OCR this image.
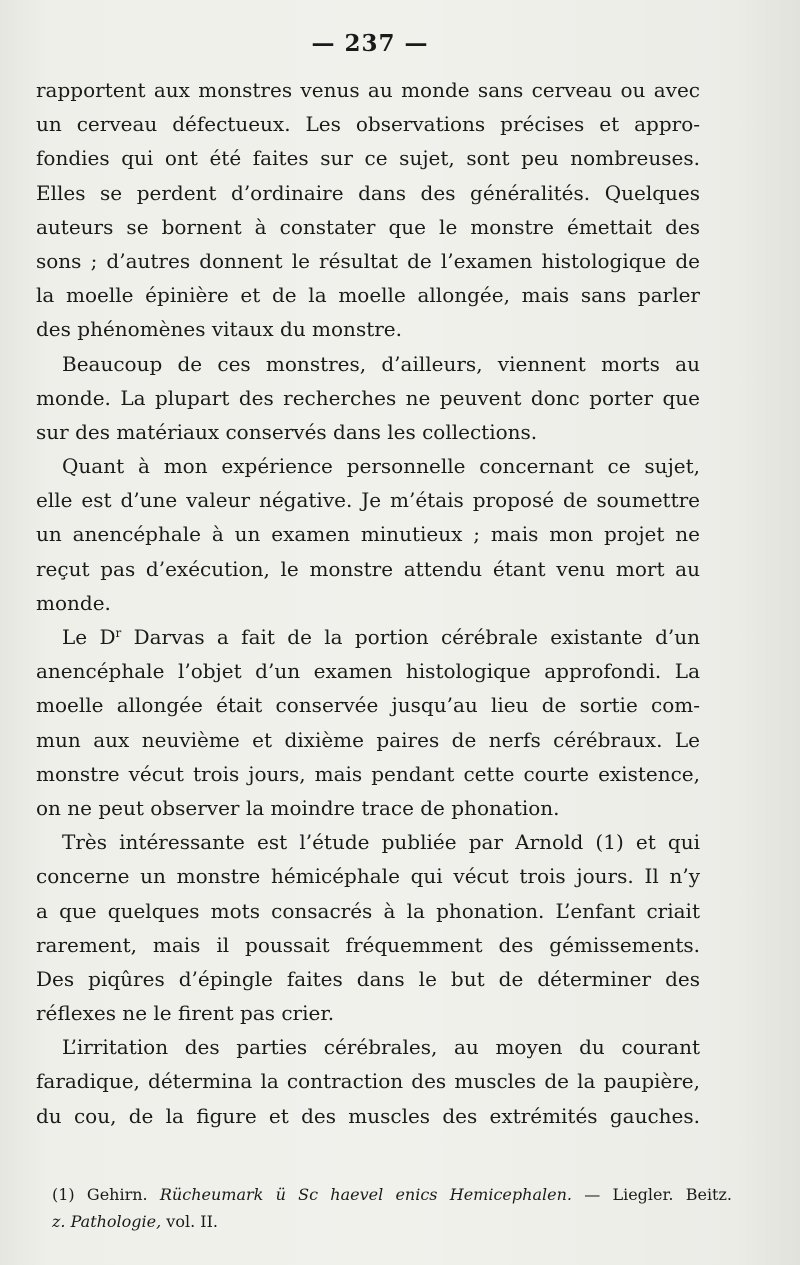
— 237 —
rapportent aux monstres venus au monde sans cerveau ou avec
un cerveau défectueux. Les observations précises et appro-
fondies qui ont été faites sur ce sujet, sont peu nombreuses.
Elles se perdent d’ordinaire dans des généralités. Quelques
auteurs se bornent à constater que le monstre émettait des
sons ; d’autres donnent le résultat de l’examen histologique de
la moelle épinière et de la moelle allongée, mais sans parler
des phénomènes vitaux du monstre.
Beaucoup de ces monstres, d’ailleurs, viennent morts au
monde. La plupart des recherches ne peuvent donc porter que
sur des matériaux conservés dans les collections.
Quant à mon expérience personnelle concernant ce sujet,
elle est d’une valeur négative. Je m’étais proposé de soumettre
un anencéphale à un examen minutieux ; mais mon projet ne
reçut pas d’exécution, le monstre attendu étant venu mort au
monde.
Le $D^r$ Darvas a fait de la portion cérébrale existante d’un
anencéphale l’objet d’un examen histologique approfondi. La
moelle allongée était conservée jusqu’au lieu de sortie com-
mun aux neuvième et dixième paires de nerfs cérébraux. Le
monstre vécut trois jours, mais pendant cette courte existence,
on ne peut observer la moindre trace de phonation.
Très intéressante est l’étude publiée par Arnold (1) et qui
concerne un monstre hémicéphale qui vécut trois jours. Il n’y
a que quelques mots consacrés à la phonation. L’enfant criait
rarement, mais il poussait fréquemment des gémissements.
Des piqûres d’épingle faites dans le but de déterminer des
réflexes ne le firent pas crier.
L’irritation des parties cérébrales, au moyen du courant
faradique, détermina la contraction des muscles de la paupière,
du cou, de la figure et des muscles des extrémités gauches.
(1) Gehirn. Rücheumark ü Sc haevel enics Hemicephalen. — Liegler. Beitz.
z. Pathologie, vol. II.
